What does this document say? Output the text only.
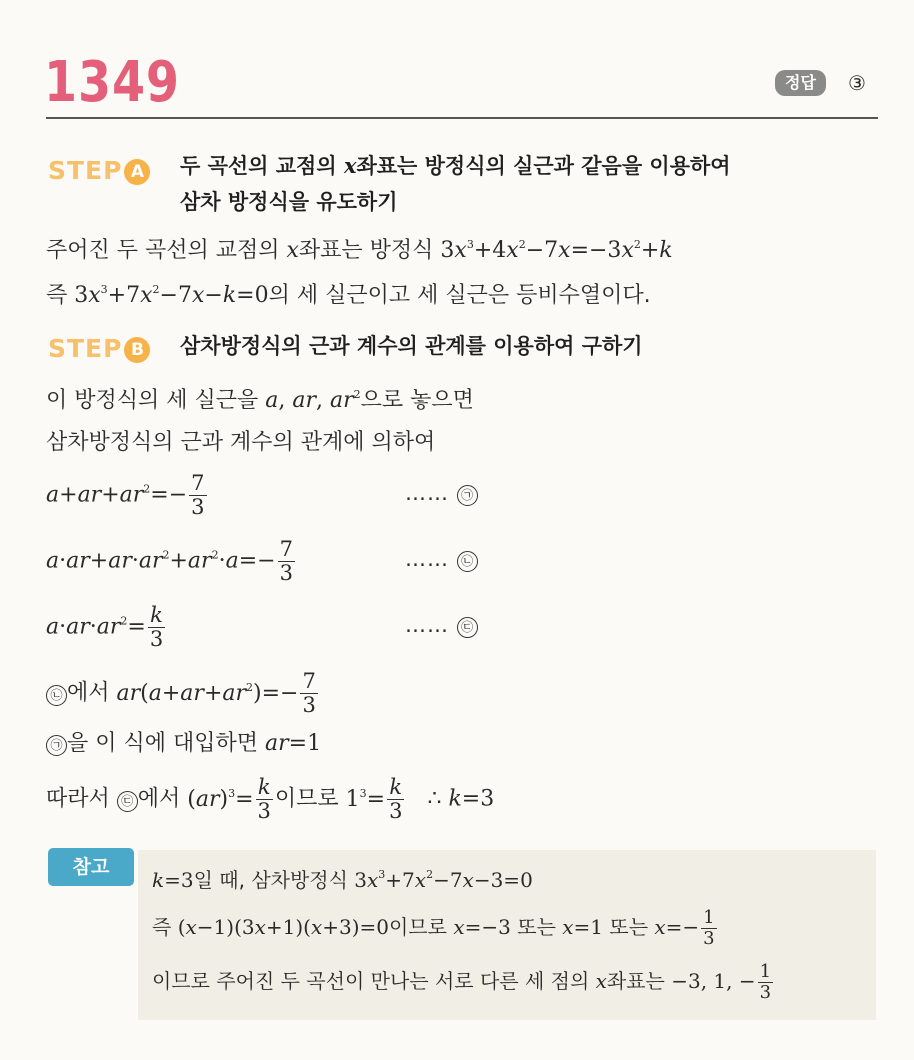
1349	정답	③
STEP A	두 곡선의 교점의 x좌표는 방정식의 실근과 같음을 이용하여
삼차 방정식을 유도하기
주어진 두 곡선의 교점의 x좌표는 방정식 $3x^3+4x^2-7x=-3x^2+k$
즉 $3x^3+7x^2-7x-k=0$의 세 실근이고 세 실근은 등비수열이다.
STEP B	삼차방정식의 근과 계수의 관계를 이용하여 구하기
이 방정식의 세 실근을 a, ar, $ar^2$으로 놓으면
삼차방정식의 근과 계수의 관계에 의하여
$a+ar+ar^2=- \frac{7}{3}$	…… ㉠
$a\cdot ar+ar\cdot ar^2+ar^2\cdot a=- \frac{7}{3}$	…… ㉡
$a\cdot ar\cdot ar^2= \frac{k}{3}$	…… ㉢
㉡ 에서 $ar(a+ar+ar^2)=- \frac{7}{3}$
㉠ 을 이 식에 대입하면 ar=1
따라서 ㉢ 에서 $(ar)^3= \frac{k}{3}$ 이므로 $1^3= \frac{k}{3}$ ∴ k=3
참고
k=3일 때, 삼차방정식 $3x^3+7x^2-7x-3=0$
즉 (x−1)(3x+1)(x+3)=0이므로 x=−3 또는 x=1 또는 $x=- \frac{1}{3}$
이므로 주어진 두 곡선이 만나는 서로 다른 세 점의 x좌표는 −3, 1, − $\frac{1}{3}$
